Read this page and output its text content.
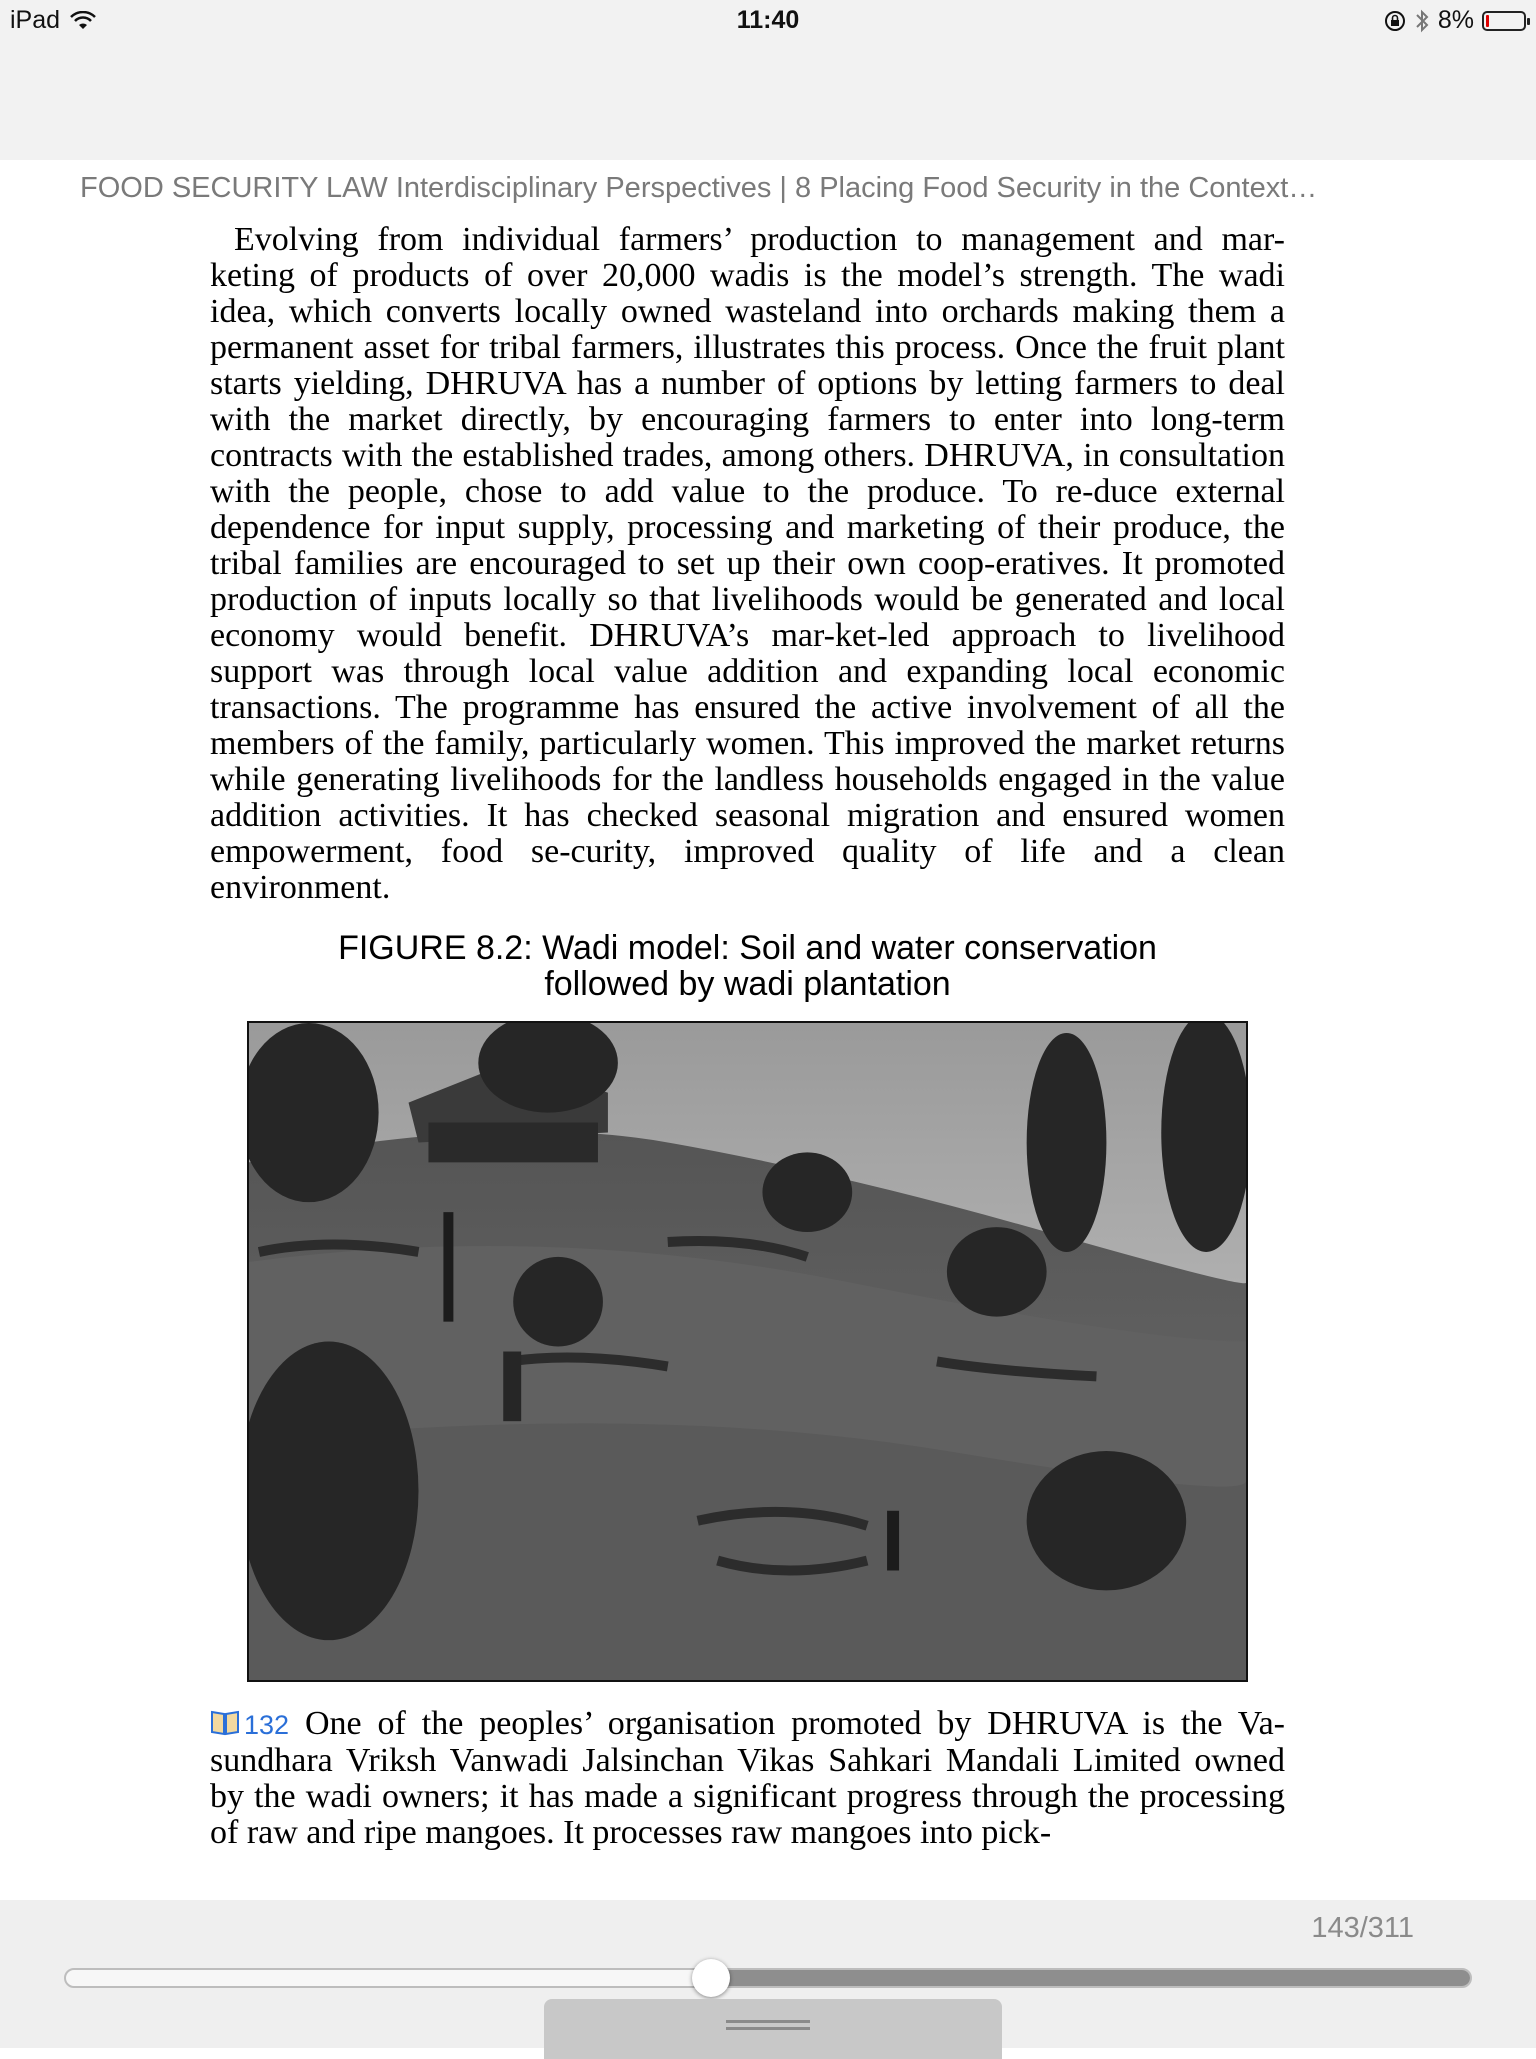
iPad	11:40	8%
FOOD SECURITY LAW Interdisciplinary Perspectives | 8 Placing Food Security in the Context…

Evolving from individual farmers’ production to management and mar-keting of products of over 20,000 wadis is the model’s strength. The wadi idea, which converts locally owned wasteland into orchards making them a permanent asset for tribal farmers, illustrates this process. Once the fruit plant starts yielding, DHRUVA has a number of options by letting farmers to deal with the market directly, by encouraging farmers to enter into long-term contracts with the established trades, among others. DHRUVA, in consultation with the people, chose to add value to the produce. To re-duce external dependence for input supply, processing and marketing of their produce, the tribal families are encouraged to set up their own coop-eratives. It promoted production of inputs locally so that livelihoods would be generated and local economy would benefit. DHRUVA’s mar-ket-led approach to livelihood support was through local value addition and expanding local economic transactions. The programme has ensured the active involvement of all the members of the family, particularly women. This improved the market returns while generating livelihoods for the landless households engaged in the value addition activities. It has checked seasonal migration and ensured women empowerment, food se-curity, improved quality of life and a clean environment.

FIGURE 8.2: Wadi model: Soil and water conservation
followed by wadi plantation

132 One of the peoples’ organisation promoted by DHRUVA is the Va-sundhara Vriksh Vanwadi Jalsinchan Vikas Sahkari Mandali Limited owned by the wadi owners; it has made a significant progress through the processing of raw and ripe mangoes. It processes raw mangoes into pick-

143/311
